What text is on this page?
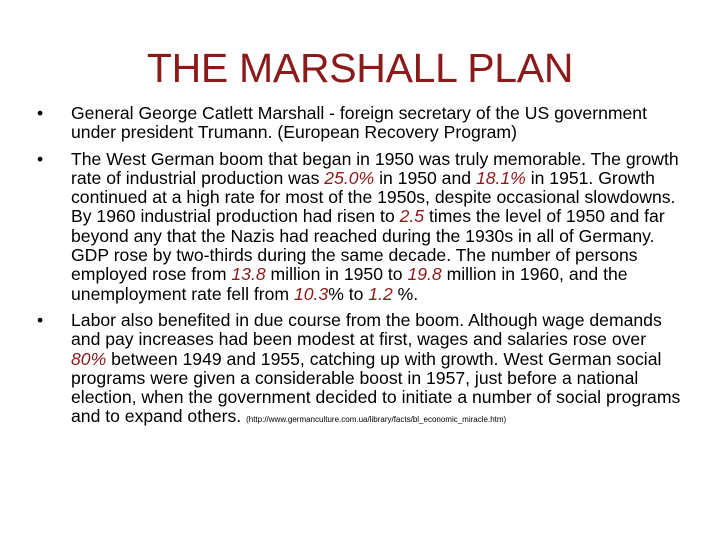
THE MARSHALL PLAN
• General George Catlett Marshall - foreign secretary of the US government under president Trumann. (European Recovery Program)
• The West German boom that began in 1950 was truly memorable. The growth rate of industrial production was 25.0% in 1950 and 18.1% in 1951. Growth continued at a high rate for most of the 1950s, despite occasional slowdowns. By 1960 industrial production had risen to 2.5 times the level of 1950 and far beyond any that the Nazis had reached during the 1930s in all of Germany. GDP rose by two-thirds during the same decade. The number of persons employed rose from 13.8 million in 1950 to 19.8 million in 1960, and the unemployment rate fell from 10.3% to 1.2 %.
• Labor also benefited in due course from the boom. Although wage demands and pay increases had been modest at first, wages and salaries rose over 80% between 1949 and 1955, catching up with growth. West German social programs were given a considerable boost in 1957, just before a national election, when the government decided to initiate a number of social programs and to expand others. (http://www.germanculture.com.ua/library/facts/bl_economic_miracle.htm)
